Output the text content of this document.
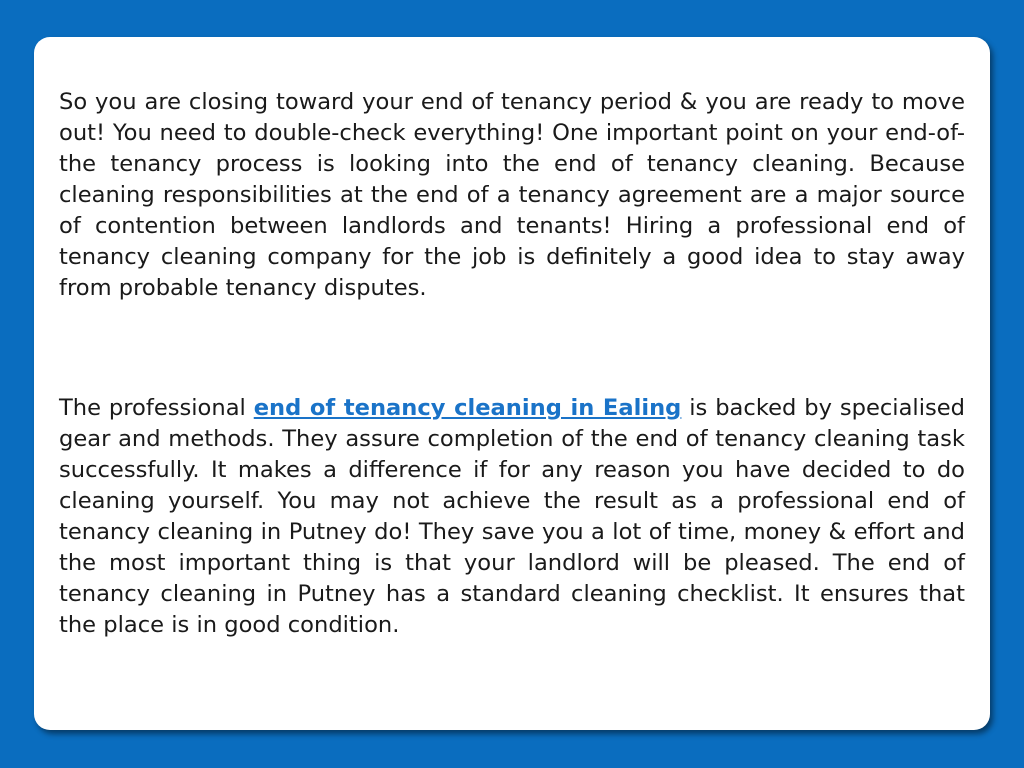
So you are closing toward your end of tenancy period & you are ready to move out! You need to double-check everything! One important point on your end-of-the tenancy process is looking into the end of tenancy cleaning. Because cleaning responsibilities at the end of a tenancy agreement are a major source of contention between landlords and tenants! Hiring a professional end of tenancy cleaning company for the job is definitely a good idea to stay away from probable tenancy disputes.

The professional end of tenancy cleaning in Ealing is backed by specialised gear and methods. They assure completion of the end of tenancy cleaning task successfully. It makes a difference if for any reason you have decided to do cleaning yourself. You may not achieve the result as a professional end of tenancy cleaning in Putney do! They save you a lot of time, money & effort and the most important thing is that your landlord will be pleased. The end of tenancy cleaning in Putney has a standard cleaning checklist. It ensures that the place is in good condition.
